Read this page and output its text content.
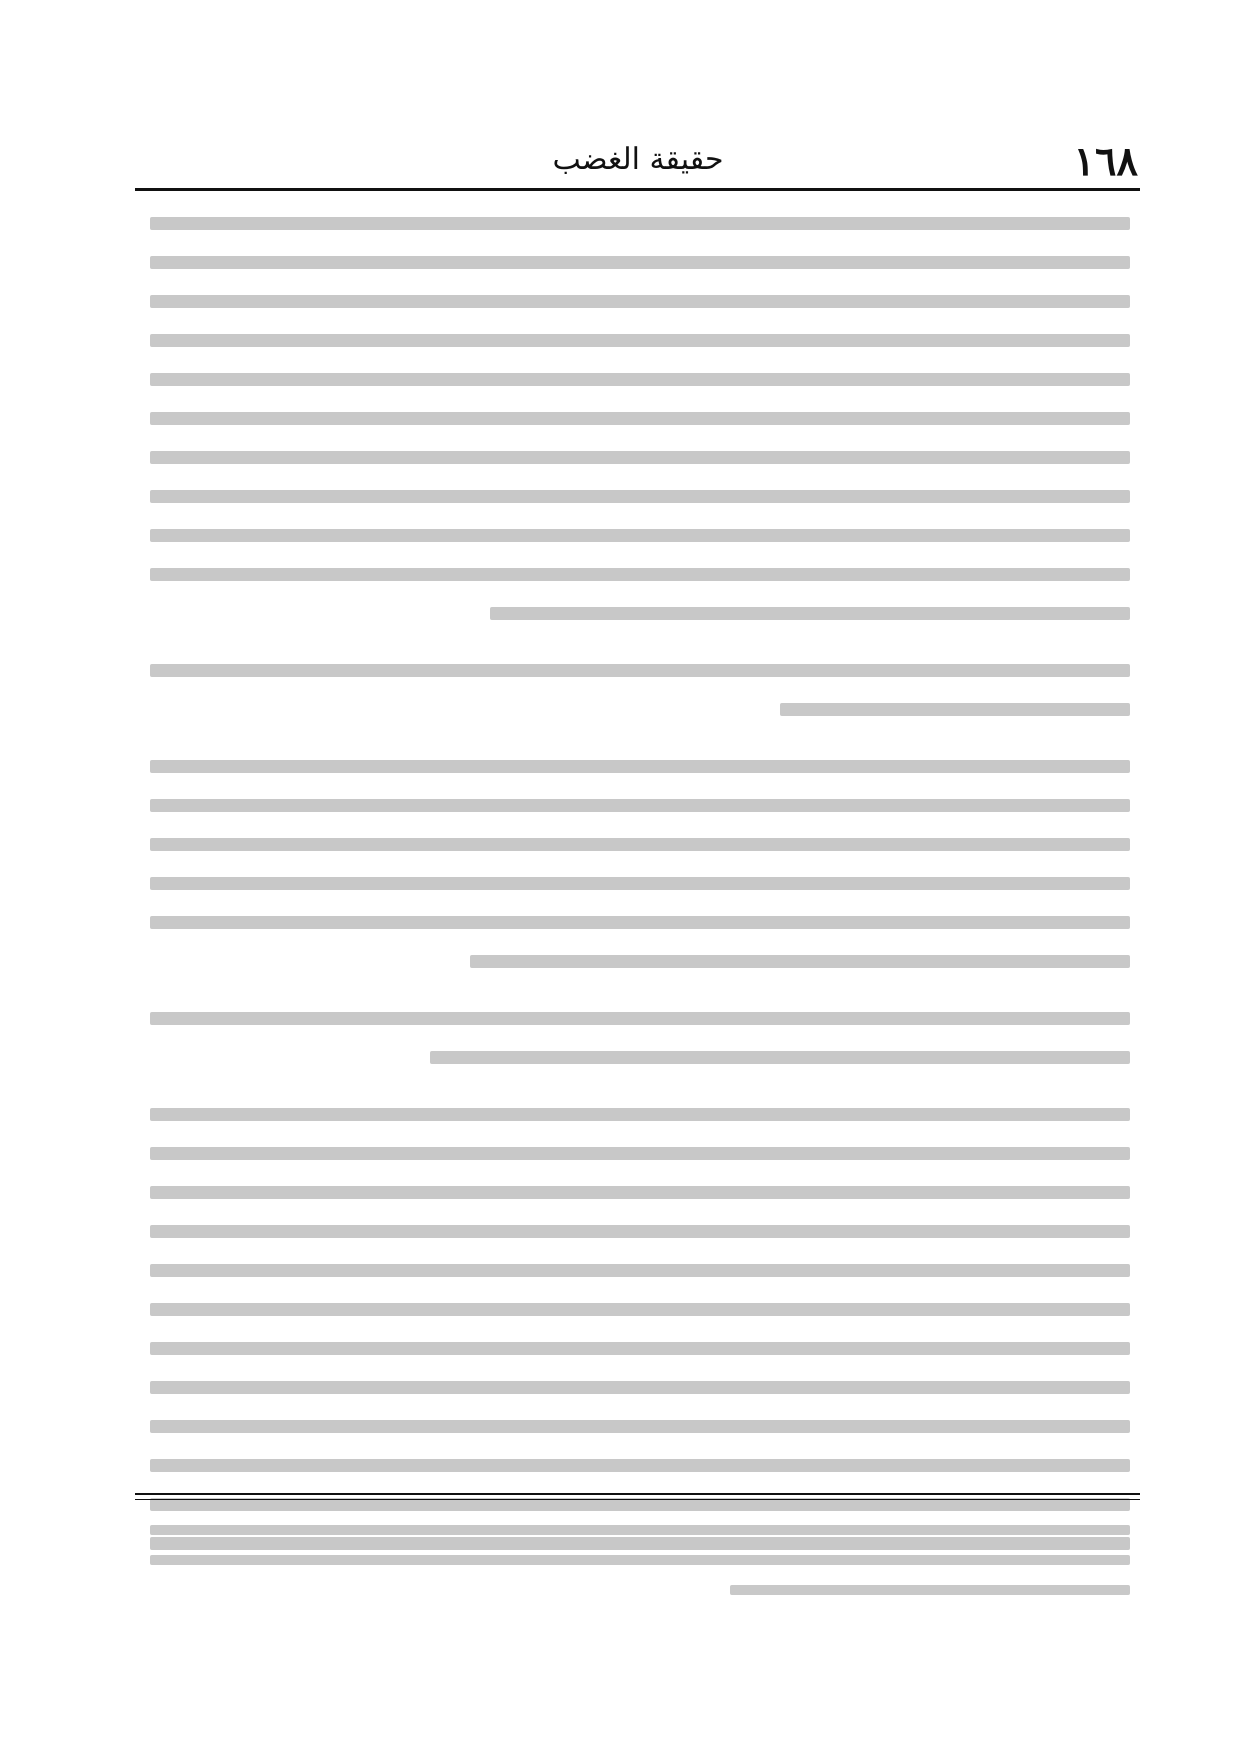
١٦٨
حقيقة الغضب
